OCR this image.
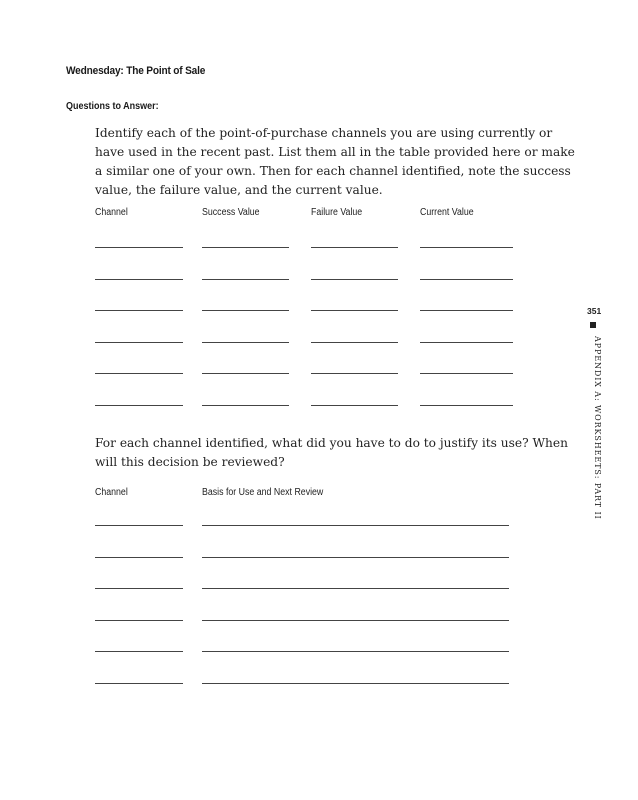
Wednesday: The Point of Sale
Questions to Answer:
Identify each of the point-of-purchase channels you are using currently or
have used in the recent past. List them all in the table provided here or make
a similar one of your own. Then for each channel identified, note the success
value, the failure value, and the current value.
Channel	Success Value	Failure Value	Current Value
For each channel identified, what did you have to do to justify its use? When
will this decision be reviewed?
Channel	Basis for Use and Next Review
351
APPENDIX A: WORKSHEETS: PART II
